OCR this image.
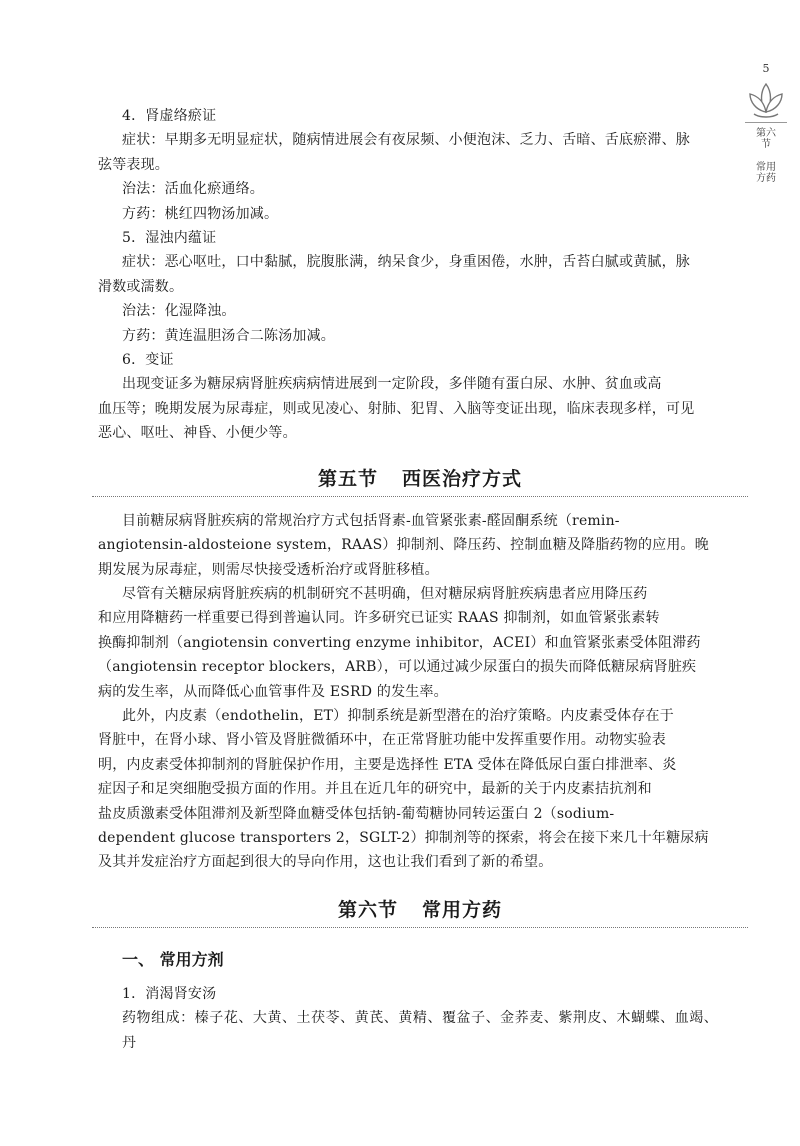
5
第六节
常用方药

4．肾虚络瘀证

症状：早期多无明显症状，随病情进展会有夜尿频、小便泡沫、乏力、舌暗、舌底瘀滞、脉

弦等表现。

治法：活血化瘀通络。

方药：桃红四物汤加减。

5．湿浊内蕴证

症状：恶心呕吐，口中黏腻，脘腹胀满，纳呆食少，身重困倦，水肿，舌苔白腻或黄腻，脉

滑数或濡数。

治法：化湿降浊。

方药：黄连温胆汤合二陈汤加减。

6．变证

出现变证多为糖尿病肾脏疾病病情进展到一定阶段，多伴随有蛋白尿、水肿、贫血或高

血压等；晚期发展为尿毒症，则或见凌心、射肺、犯胃、入脑等变证出现，临床表现多样，可见

恶心、呕吐、神昏、小便少等。

第五节 西医治疗方式

目前糖尿病肾脏疾病的常规治疗方式包括肾素-血管紧张素-醛固酮系统（remin-

angiotensin-aldosteione system，RAAS）抑制剂、降压药、控制血糖及降脂药物的应用。晚

期发展为尿毒症，则需尽快接受透析治疗或肾脏移植。

尽管有关糖尿病肾脏疾病的机制研究不甚明确，但对糖尿病肾脏疾病患者应用降压药

和应用降糖药一样重要已得到普遍认同。许多研究已证实 RAAS 抑制剂，如血管紧张素转

换酶抑制剂（angiotensin converting enzyme inhibitor，ACEI）和血管紧张素受体阻滞药

（angiotensin receptor blockers，ARB），可以通过减少尿蛋白的损失而降低糖尿病肾脏疾

病的发生率，从而降低心血管事件及 ESRD 的发生率。

此外，内皮素（endothelin，ET）抑制系统是新型潜在的治疗策略。内皮素受体存在于

肾脏中，在肾小球、肾小管及肾脏微循环中，在正常肾脏功能中发挥重要作用。动物实验表

明，内皮素受体抑制剂的肾脏保护作用，主要是选择性 ETA 受体在降低尿白蛋白排泄率、炎

症因子和足突细胞受损方面的作用。并且在近几年的研究中，最新的关于内皮素拮抗剂和

盐皮质激素受体阻滞剂及新型降血糖受体包括钠-葡萄糖协同转运蛋白 2（sodium-

dependent glucose transporters 2，SGLT-2）抑制剂等的探索，将会在接下来几十年糖尿病

及其并发症治疗方面起到很大的导向作用，这也让我们看到了新的希望。

第六节 常用方药

一、 常用方剂

1．消渴肾安汤

药物组成：榛子花、大黄、土茯苓、黄芪、黄精、覆盆子、金荞麦、紫荆皮、木蝴蝶、血竭、丹
